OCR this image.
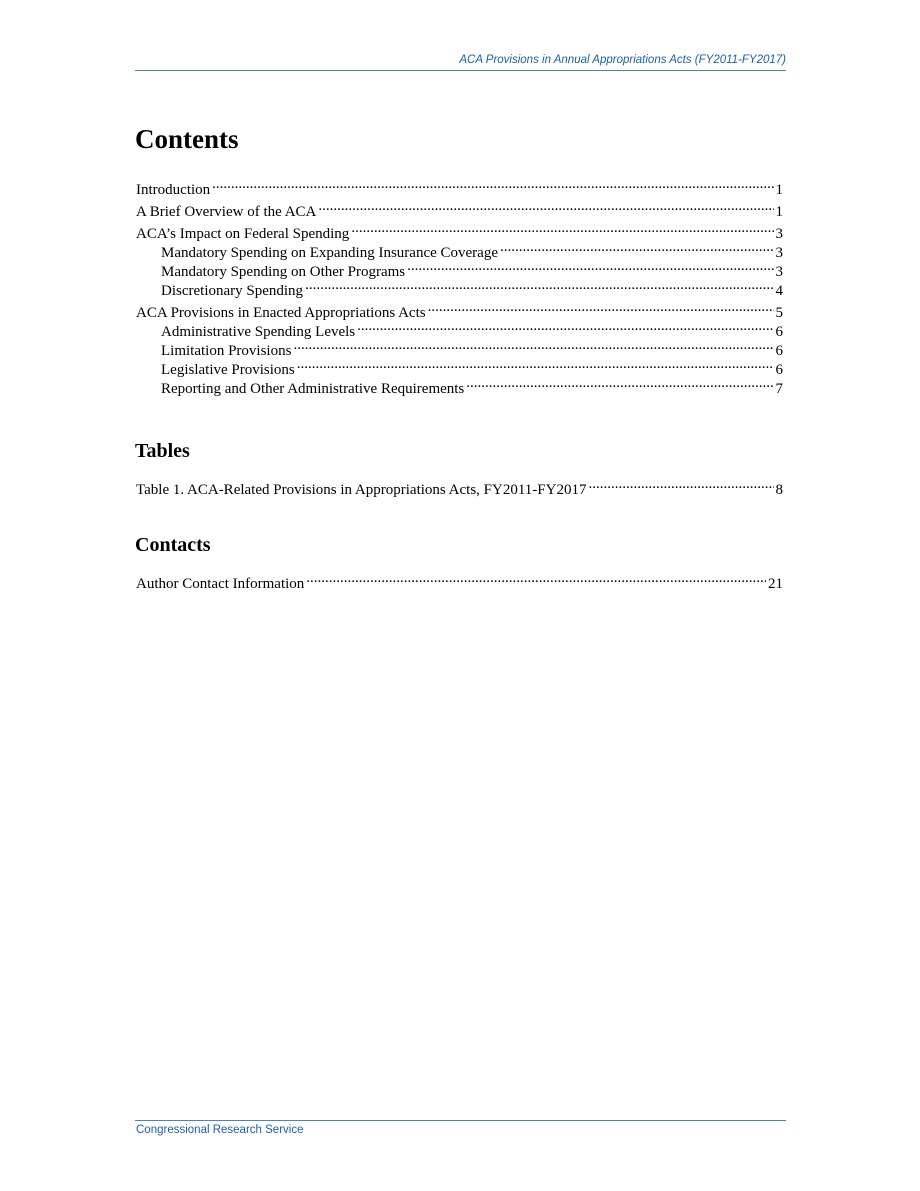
ACA Provisions in Annual Appropriations Acts (FY2011-FY2017)
Contents
Introduction .....	1
A Brief Overview of the ACA .....	1
ACA’s Impact on Federal Spending .....	3
Mandatory Spending on Expanding Insurance Coverage .....	3
Mandatory Spending on Other Programs .....	3
Discretionary Spending .....	4
ACA Provisions in Enacted Appropriations Acts .....	5
Administrative Spending Levels .....	6
Limitation Provisions .....	6
Legislative Provisions .....	6
Reporting and Other Administrative Requirements .....	7
Tables
Table 1. ACA-Related Provisions in Appropriations Acts, FY2011-FY2017 .....	8
Contacts
Author Contact Information .....	21
Congressional Research Service
